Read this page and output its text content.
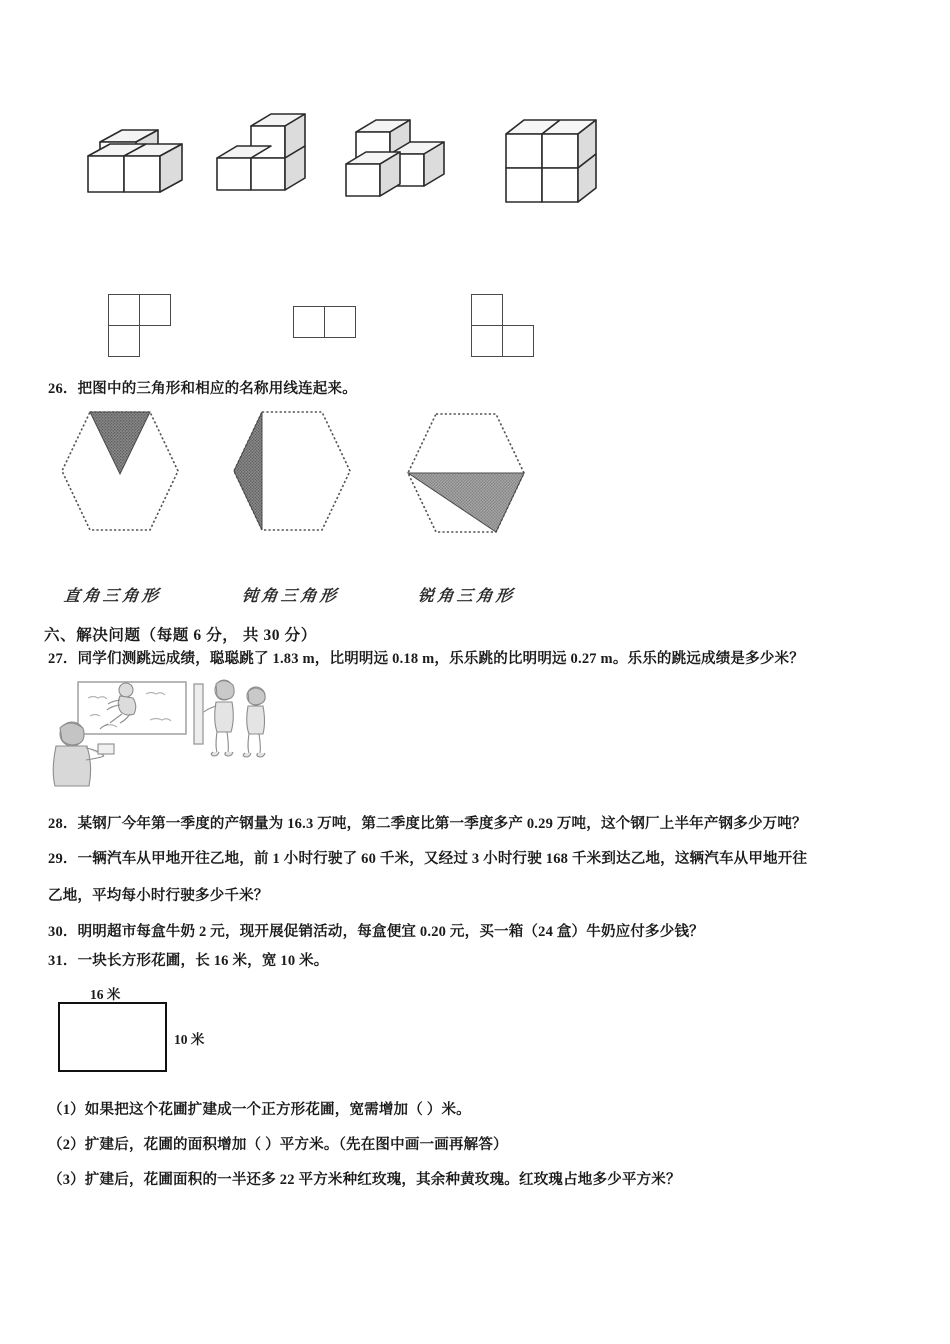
26．把图中的三角形和相应的名称用线连起来。
直角三角形	钝角三角形	锐角三角形
六、解决问题（每题 6 分， 共 30 分）
27．同学们测跳远成绩，聪聪跳了 1.83 m，比明明远 0.18 m，乐乐跳的比明明远 0.27 m。乐乐的跳远成绩是多少米？
28．某钢厂今年第一季度的产钢量为 16.3 万吨，第二季度比第一季度多产 0.29 万吨，这个钢厂上半年产钢多少万吨？
29．一辆汽车从甲地开往乙地，前 1 小时行驶了 60 千米，又经过 3 小时行驶 168 千米到达乙地，这辆汽车从甲地开往
乙地，平均每小时行驶多少千米？
30．明明超市每盒牛奶 2 元，现开展促销活动，每盒便宜 0.20 元，买一箱（24 盒）牛奶应付多少钱？
31．一块长方形花圃，长 16 米，宽 10 米。
16 米
10 米
（1）如果把这个花圃扩建成一个正方形花圃，宽需增加（ ）米。
（2）扩建后，花圃的面积增加（ ）平方米。（先在图中画一画再解答）
（3）扩建后，花圃面积的一半还多 22 平方米种红玫瑰，其余种黄玫瑰。红玫瑰占地多少平方米？
